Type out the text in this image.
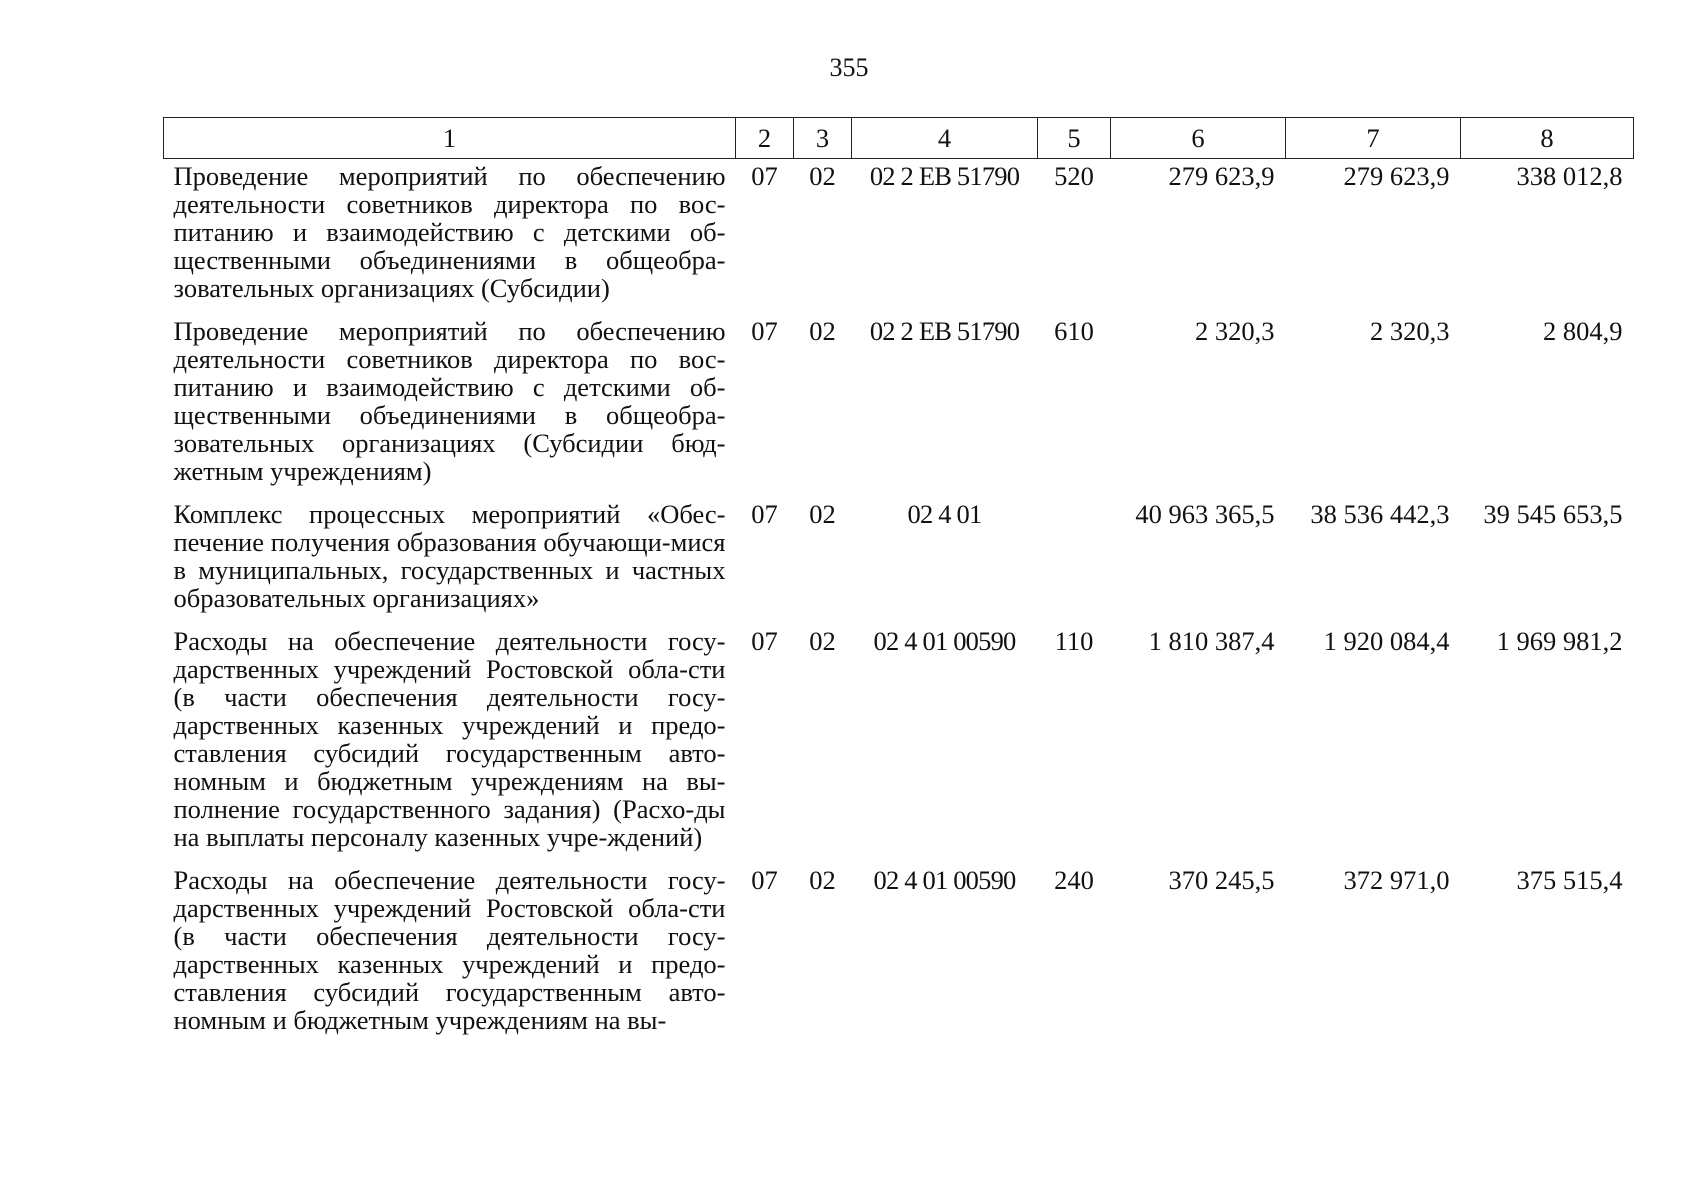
355
1	2	3	4	5	6	7	8
Проведение мероприятий по обеспечению деятельности советников директора по вос-питанию и взаимодействию с детскими об-щественными объединениями в общеобра-зовательных организациях (Субсидии)	07	02	02 2 ЕВ 51790	520	279 623,9	279 623,9	338 012,8
Проведение мероприятий по обеспечению деятельности советников директора по вос-питанию и взаимодействию с детскими об-щественными объединениями в общеобра-зовательных организациях (Субсидии бюд-жетным учреждениям)	07	02	02 2 ЕВ 51790	610	2 320,3	2 320,3	2 804,9
Комплекс процессных мероприятий «Обес-печение получения образования обучающи-мися в муниципальных, государственных и частных образовательных организациях»	07	02	02 4 01		40 963 365,5	38 536 442,3	39 545 653,5
Расходы на обеспечение деятельности госу-дарственных учреждений Ростовской обла-сти (в части обеспечения деятельности госу-дарственных казенных учреждений и предо-ставления субсидий государственным авто-номным и бюджетным учреждениям на вы-полнение государственного задания) (Расхо-ды на выплаты персоналу казенных учре-ждений)	07	02	02 4 01 00590	110	1 810 387,4	1 920 084,4	1 969 981,2
Расходы на обеспечение деятельности госу-дарственных учреждений Ростовской обла-сти (в части обеспечения деятельности госу-дарственных казенных учреждений и предо-ставления субсидий государственным авто-номным и бюджетным учреждениям на вы-	07	02	02 4 01 00590	240	370 245,5	372 971,0	375 515,4
